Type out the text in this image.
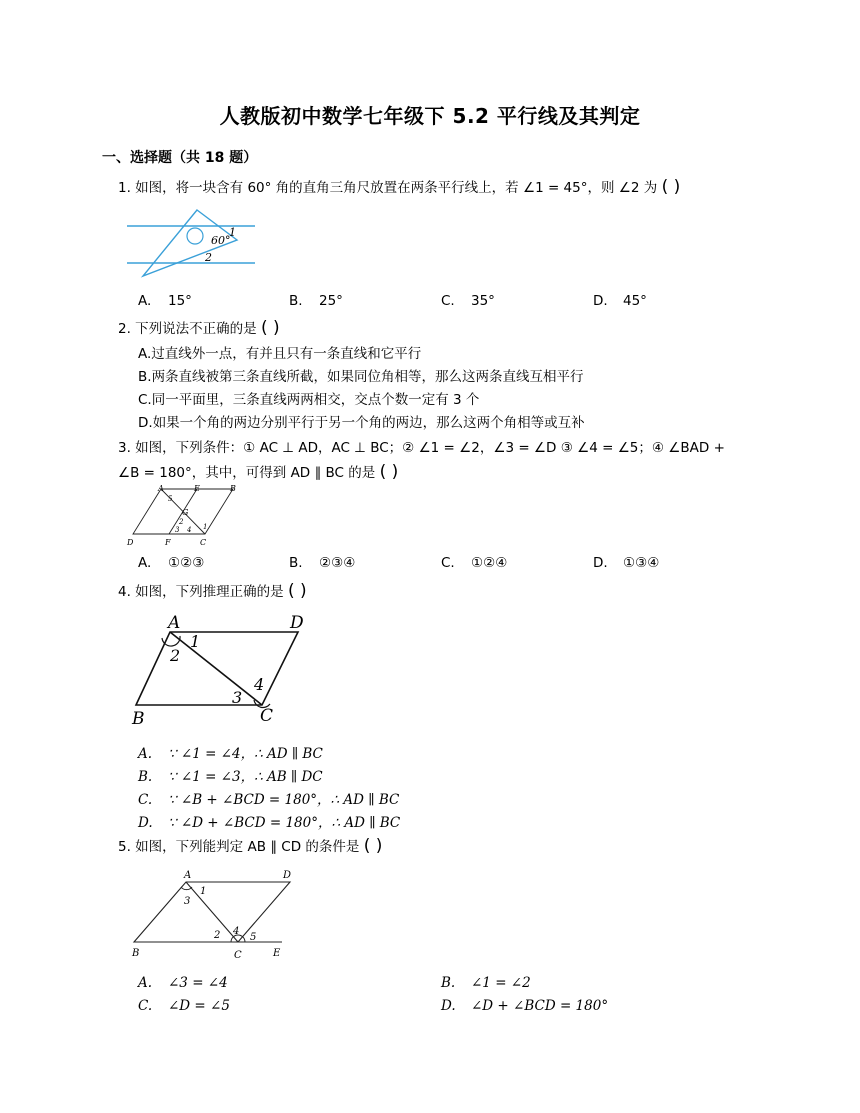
人教版初中数学七年级下 5.2 平行线及其判定
一、选择题（共 18 题）
1. 如图，将一块含有 60° 角的直角三角尺放置在两条平行线上，若 ∠1 = 45°，则 ∠2 为 ( )
60°
1
2
A. 15°	B. 25°	C. 35°	D. 45°
2. 下列说法不正确的是 ( )
A.过直线外一点，有并且只有一条直线和它平行
B.两条直线被第三条直线所截，如果同位角相等，那么这两条直线互相平行
C.同一平面里，三条直线两两相交，交点个数一定有 3 个
D.如果一个角的两边分别平行于另一个角的两边，那么这两个角相等或互补
3. 如图，下列条件：① AC ⊥ AD，AC ⊥ BC；② ∠1 = ∠2，∠3 = ∠D ③ ∠4 = ∠5；④ ∠BAD +
∠B = 180°，其中，可得到 AD ∥ BC 的是 ( )
A	E	B
G
D	F	C
5
2
3 4 1
A. ①②③	B. ②③④	C. ①②④	D. ①③④
4. 如图，下列推理正确的是 ( )
A	D
B	C
1
2
3
4
A. ∵ ∠1 = ∠4，∴ AD ∥ BC
B. ∵ ∠1 = ∠3，∴ AB ∥ DC
C. ∵ ∠B + ∠BCD = 180°，∴ AD ∥ BC
D. ∵ ∠D + ∠BCD = 180°，∴ AD ∥ BC
5. 如图，下列能判定 AB ∥ CD 的条件是 ( )
A	D
B	C	E
1
3
2 4
5
A. ∠3 = ∠4	B. ∠1 = ∠2
C. ∠D = ∠5	D. ∠D + ∠BCD = 180°
